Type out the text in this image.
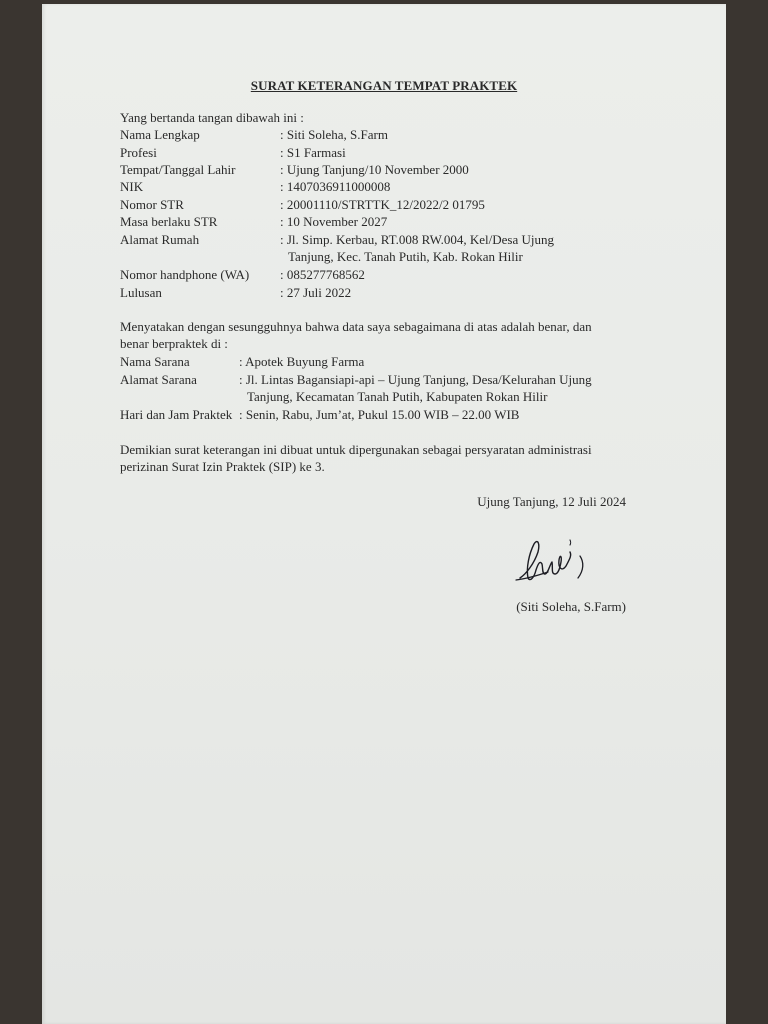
SURAT KETERANGAN TEMPAT PRAKTEK
Yang bertanda tangan dibawah ini :
Nama Lengkap	: Siti Soleha, S.Farm
Profesi	: S1 Farmasi
Tempat/Tanggal Lahir	: Ujung Tanjung/10 November 2000
NIK	: 1407036911000008
Nomor STR	: 20001110/STRTTK_12/2022/2 01795
Masa berlaku STR	: 10 November 2027
Alamat Rumah	: Jl. Simp. Kerbau, RT.008 RW.004, Kel/Desa Ujung
Tanjung, Kec. Tanah Putih, Kab. Rokan Hilir
Nomor handphone (WA) : 085277768562
Lulusan	: 27 Juli 2022
Menyatakan dengan sesungguhnya bahwa data saya sebagaimana di atas adalah benar, dan
benar berpraktek di :
Nama Sarana	: Apotek Buyung Farma
Alamat Sarana	: Jl. Lintas Bagansiapi-api – Ujung Tanjung, Desa/Kelurahan Ujung
Tanjung, Kecamatan Tanah Putih, Kabupaten Rokan Hilir
Hari dan Jam Praktek : Senin, Rabu, Jum’at, Pukul 15.00 WIB – 22.00 WIB
Demikian surat keterangan ini dibuat untuk dipergunakan sebagai persyaratan administrasi
perizinan Surat Izin Praktek (SIP) ke 3.
Ujung Tanjung, 12 Juli 2024
(Siti Soleha, S.Farm)
